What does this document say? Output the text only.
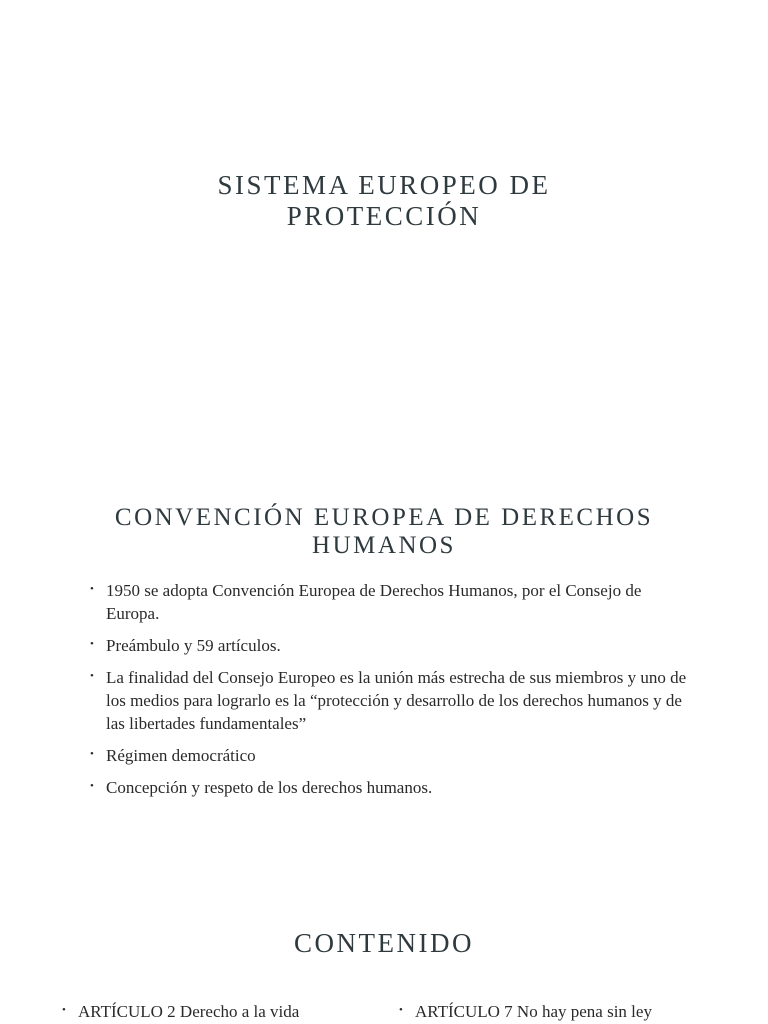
SISTEMA EUROPEO DE PROTECCIÓN
CONVENCIÓN EUROPEA DE DERECHOS HUMANOS
• 1950 se adopta Convención Europea de Derechos Humanos, por el Consejo de Europa.
• Preámbulo y 59 artículos.
• La finalidad del Consejo Europeo es la unión más estrecha de sus miembros y uno de los medios para lograrlo es la “protección y desarrollo de los derechos humanos y de las libertades fundamentales”
• Régimen democrático
• Concepción y respeto de los derechos humanos.
CONTENIDO
• ARTÍCULO 2 Derecho a la vida	• ARTÍCULO 7 No hay pena sin ley
